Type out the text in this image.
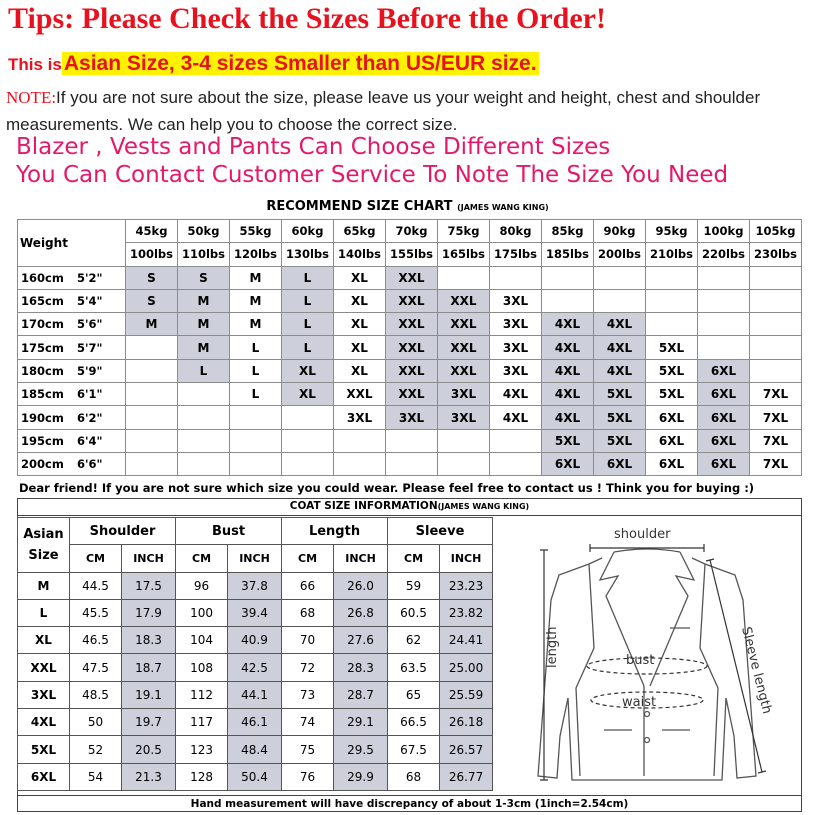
Tips: Please Check the Sizes Before the Order!
This isAsian Size, 3-4 sizes Smaller than US/EUR size.
NOTE:If you are not sure about the size, please leave us your weight and height, chest and shoulder measurements. We can help you to choose the correct size.
Blazer , Vests and Pants Can Choose Different Sizes
You Can Contact Customer Service To Note The Size You Need
RECOMMEND SIZE CHART (JAMES WANG KING)
Weight	45kg	50kg	55kg	60kg	65kg	70kg	75kg	80kg	85kg	90kg	95kg	100kg	105kg
	100lbs	110lbs	120lbs	130lbs	140lbs	155lbs	165lbs	175lbs	185lbs	200lbs	210lbs	220lbs	230lbs
160cm 5'2"	S	S	M	L	XL	XXL							
165cm 5'4"	S	M	M	L	XL	XXL	XXL	3XL					
170cm 5'6"	M	M	M	L	XL	XXL	XXL	3XL	4XL	4XL			
175cm 5'7"		M	L	L	XL	XXL	XXL	3XL	4XL	4XL	5XL		
180cm 5'9"		L	L	XL	XL	XXL	XXL	3XL	4XL	4XL	5XL	6XL	
185cm 6'1"			L	XL	XXL	XXL	3XL	4XL	4XL	5XL	5XL	6XL	7XL
190cm 6'2"					3XL	3XL	3XL	4XL	4XL	5XL	6XL	6XL	7XL
195cm 6'4"									5XL	5XL	6XL	6XL	7XL
200cm 6'6"									6XL	6XL	6XL	6XL	7XL
Dear friend! If you are not sure which size you could wear. Please feel free to contact us ! Think you for buying :)
COAT SIZE INFORMATION(JAMES WANG KING)
Asian
Size	Shoulder		Bust		Length		Sleeve	
	CM	INCH	CM	INCH	CM	INCH	CM	INCH
M	44.5	17.5	96	37.8	66	26.0	59	23.23
L	45.5	17.9	100	39.4	68	26.8	60.5	23.82
XL	46.5	18.3	104	40.9	70	27.6	62	24.41
XXL	47.5	18.7	108	42.5	72	28.3	63.5	25.00
3XL	48.5	19.1	112	44.1	73	28.7	65	25.59
4XL	50	19.7	117	46.1	74	29.1	66.5	26.18
5XL	52	20.5	123	48.4	75	29.5	67.5	26.57
6XL	54	21.3	128	50.4	76	29.9	68	26.77
shoulder
length	bust
waist	Sleeve length
Hand measurement will have discrepancy of about 1-3cm (1inch=2.54cm)
